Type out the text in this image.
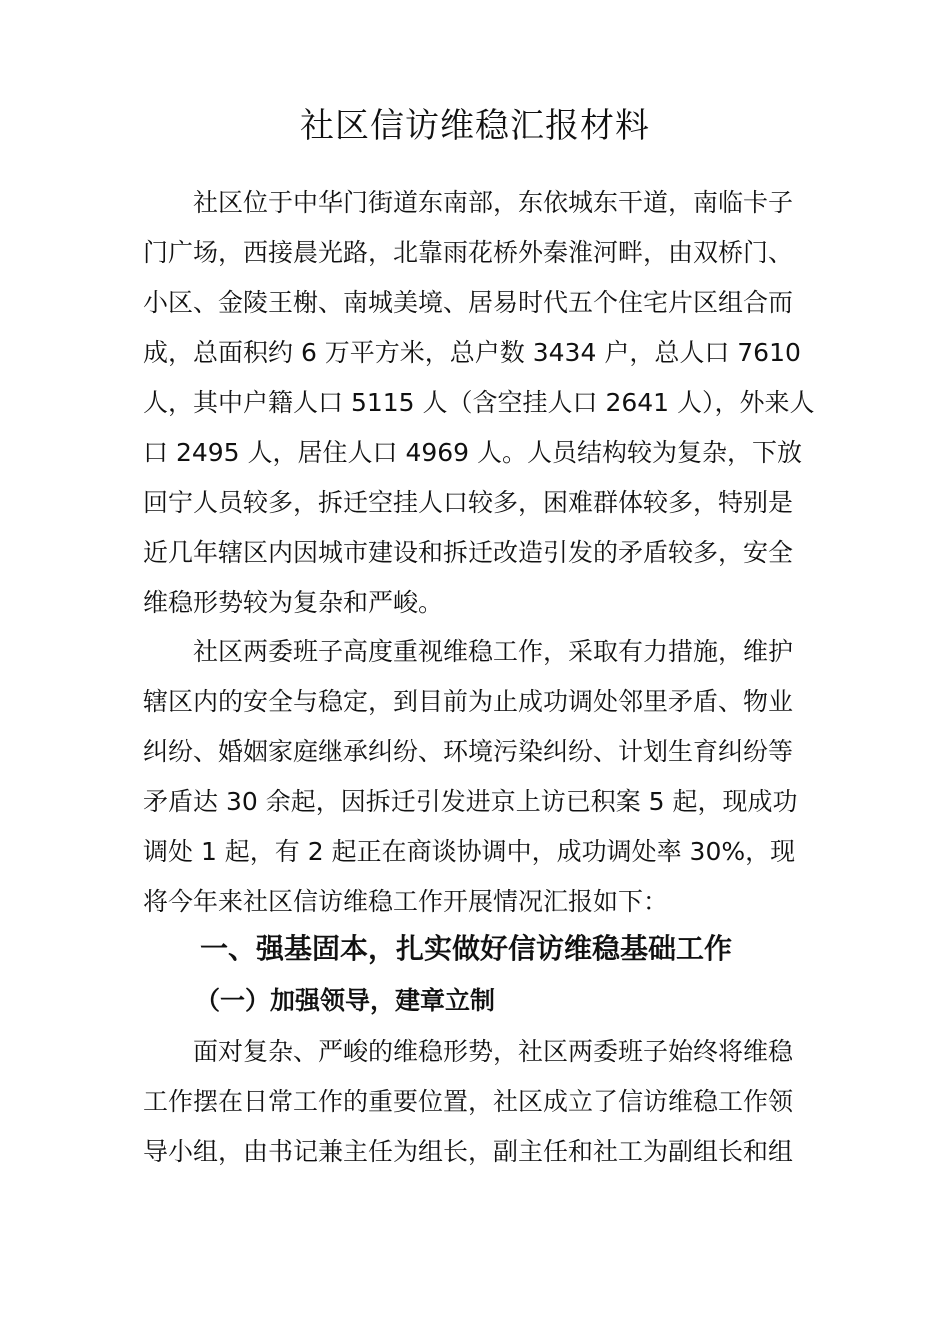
社区信访维稳汇报材料
社区位于中华门街道东南部，东依城东干道，南临卡子
门广场，西接晨光路，北靠雨花桥外秦淮河畔，由双桥门、
小区、金陵王榭、南城美境、居易时代五个住宅片区组合而
成，总面积约 6 万平方米，总户数 3434 户，总人口 7610
人，其中户籍人口 5115 人（含空挂人口 2641 人），外来人
口 2495 人，居住人口 4969 人。人员结构较为复杂，下放
回宁人员较多，拆迁空挂人口较多，困难群体较多，特别是
近几年辖区内因城市建设和拆迁改造引发的矛盾较多，安全
维稳形势较为复杂和严峻。
社区两委班子高度重视维稳工作，采取有力措施，维护
辖区内的安全与稳定，到目前为止成功调处邻里矛盾、物业
纠纷、婚姻家庭继承纠纷、环境污染纠纷、计划生育纠纷等
矛盾达 30 余起，因拆迁引发进京上访已积案 5 起，现成功
调处 1 起，有 2 起正在商谈协调中，成功调处率 30%，现
将今年来社区信访维稳工作开展情况汇报如下：
一、强基固本，扎实做好信访维稳基础工作
（一）加强领导，建章立制
面对复杂、严峻的维稳形势，社区两委班子始终将维稳
工作摆在日常工作的重要位置，社区成立了信访维稳工作领
导小组，由书记兼主任为组长，副主任和社工为副组长和组
